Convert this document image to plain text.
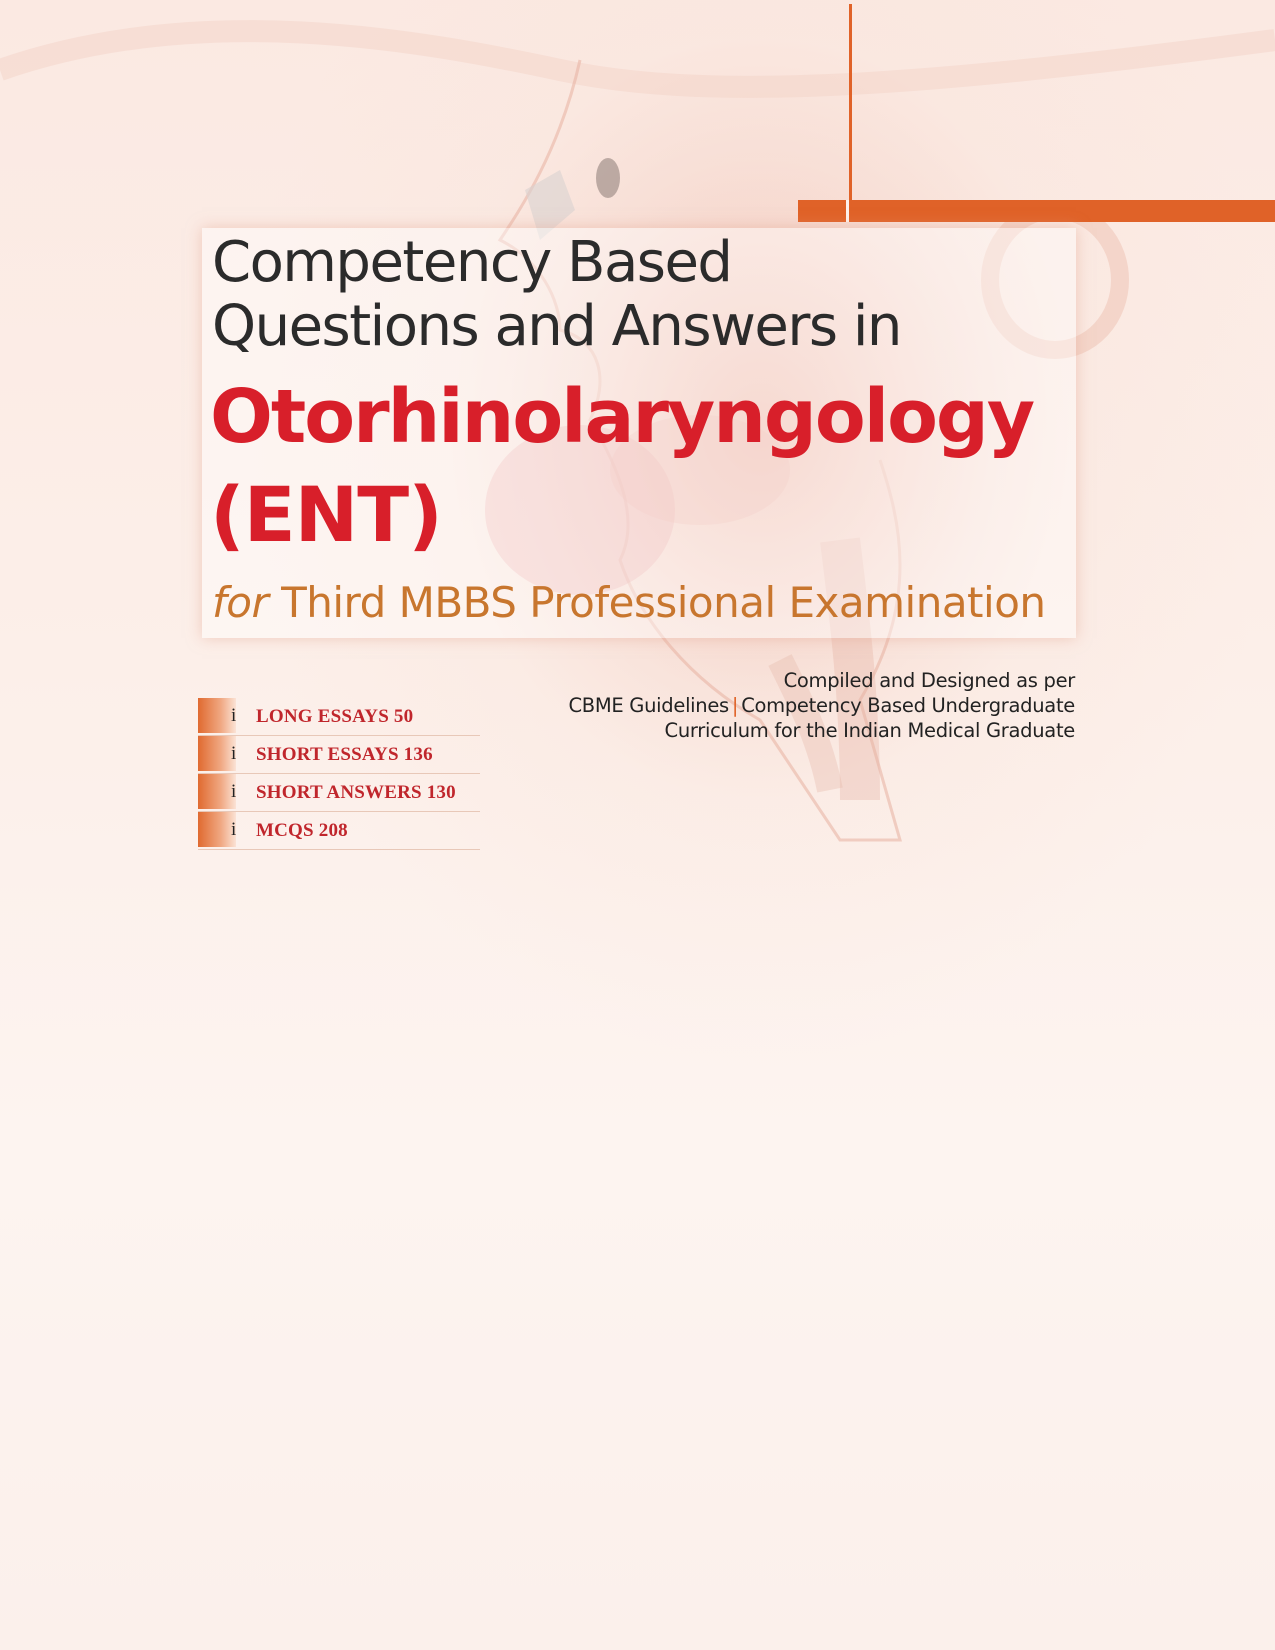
Competency Based
Questions and Answers in
Otorhinolaryngology
(ENT)
for Third MBBS Professional Examination
Compiled and Designed as per
CBME Guidelines | Competency Based Undergraduate
Curriculum for the Indian Medical Graduate
i LONG ESSAYS 50
i SHORT ESSAYS 136
i SHORT ANSWERS 130
i MCQS 208
